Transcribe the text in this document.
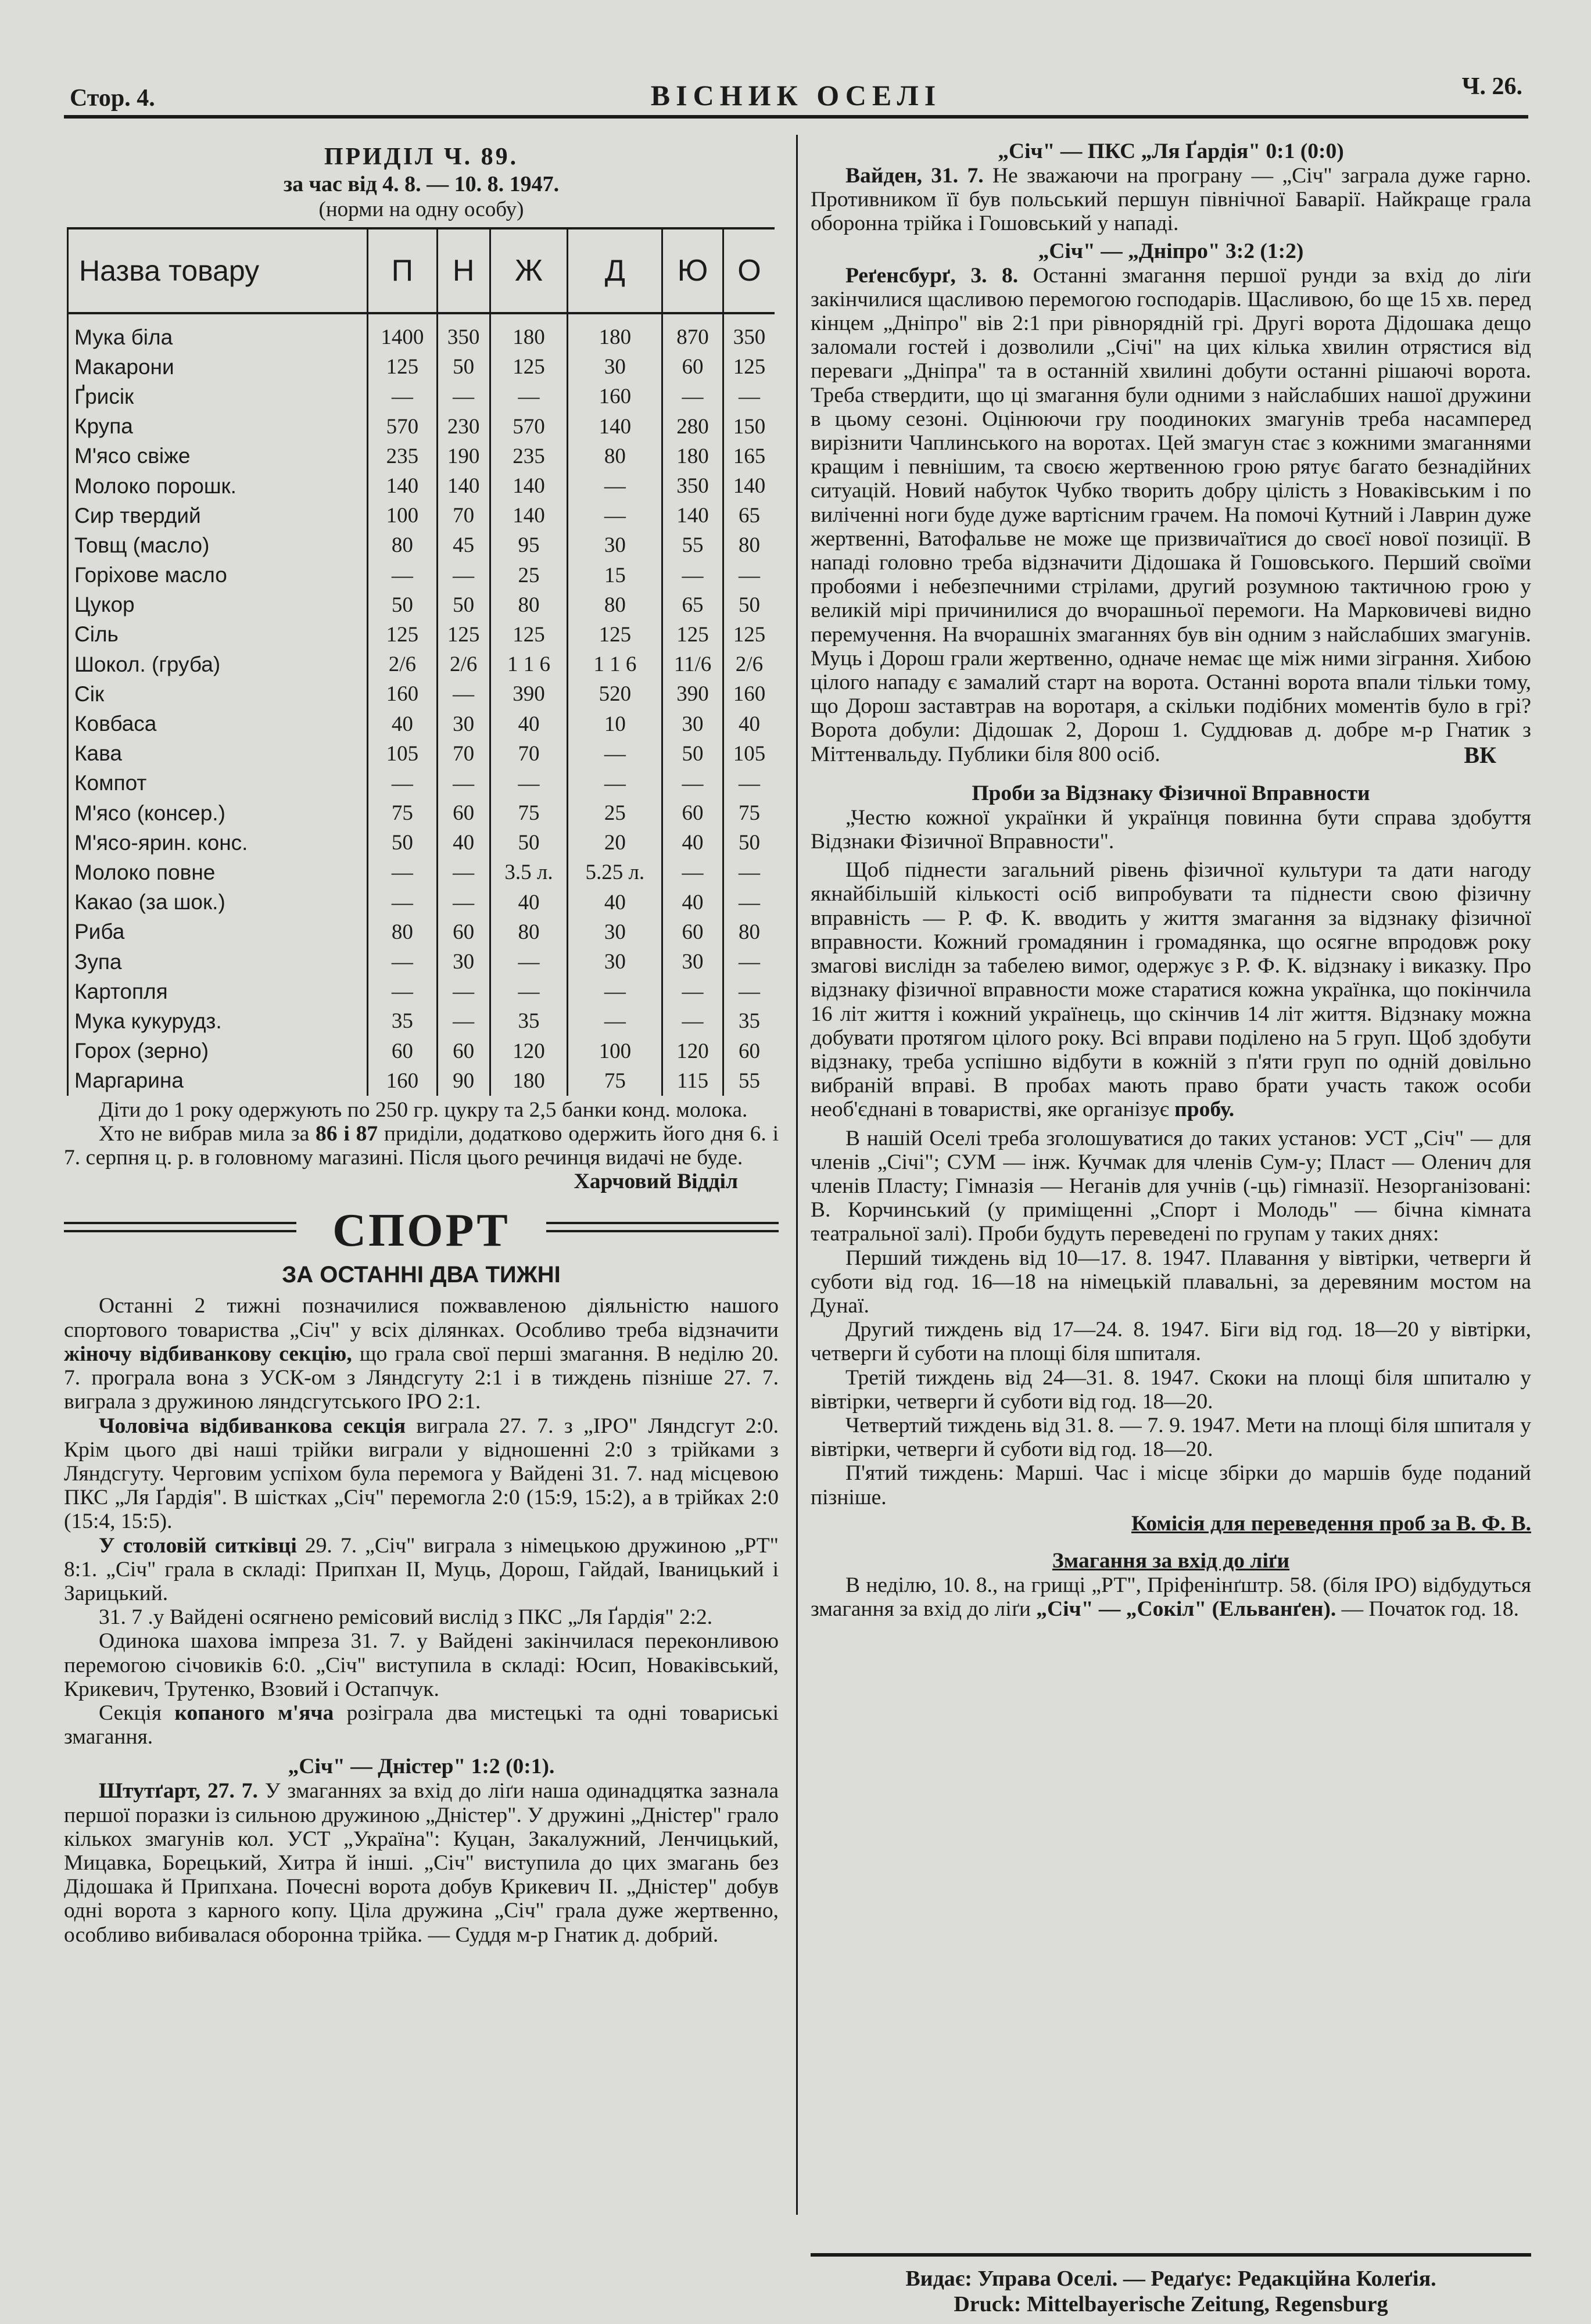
Стор. 4.	ВІСНИК ОСЕЛІ	Ч. 26.
ПРИДІЛ Ч. 89.
за час від 4. 8. — 10. 8. 1947.
(норми на одну особу)
Назва товару	П	Н	Ж	Д	Ю	О
Мука біла	1400	350	180	180	870	350
Макарони	125	50	125	30	60	125
Ґрисік	—	—	—	160	—	—
Крупа	570	230	570	140	280	150
М'ясо свіже	235	190	235	80	180	165
Молоко порошк.	140	140	140	—	350	140
Сир твердий	100	70	140	—	140	65
Товщ (масло)	80	45	95	30	55	80
Горіхове масло	—	—	25	15	—	—
Цукор	50	50	80	80	65	50
Сіль	125	125	125	125	125	125
Шокол. (груба)	2/6	2/6	1 1 6	1 1 6	11/6	2/6
Сік	160	—	390	520	390	160
Ковбаса	40	30	40	10	30	40
Кава	105	70	70	—	50	105
Компот	—	—	—	—	—	—
М'ясо (консер.)	75	60	75	25	60	75
М'ясо-ярин. конс.	50	40	50	20	40	50
Молоко повне	—	—	3.5 л.	5.25 л.	—	—
Какао (за шок.)	—	—	40	40	40	—
Риба	80	60	80	30	60	80
Зупа	—	30	—	30	30	—
Картопля	—	—	—	—	—	—
Мука кукурудз.	35	—	35	—	—	35
Горох (зерно)	60	60	120	100	120	60
Маргарина	160	90	180	75	115	55

Діти до 1 року одержують по 250 гр. цукру та 2,5 банки конд. молока.

Хто не вибрав мила за 86 і 87 приділи, додатково одержить його дня 6. і 7. серпня ц. р. в головному магазині. Після цього речинця видачі не буде.

Харчовий Відділ

СПОРТ
ЗА ОСТАННІ ДВА ТИЖНІ

Останні 2 тижні позначилися пожвавленою діяльністю нашого спортового товариства „Січ" у всіх ділянках. Особливо треба відзначити жіночу відбиванкову секцію, що грала свої перші змагання. В неділю 20. 7. програла вона з УСК-ом з Ляндсгуту 2:1 і в тиждень пізніше 27. 7. виграла з дружиною ляндсгутського ІРО 2:1.

Чоловіча відбиванкова секція виграла 27. 7. з „ІРО" Ляндсгут 2:0. Крім цього дві наші трійки виграли у відношенні 2:0 з трійками з Ляндсгуту. Черговим успіхом була перемога у Вайдені 31. 7. над місцевою ПКС „Ля Ґардія". В шістках „Січ" перемогла 2:0 (15:9, 15:2), а в трійках 2:0 (15:4, 15:5).

У столовій ситківці 29. 7. „Січ" виграла з німецькою дружиною „РТ" 8:1. „Січ" грала в складі: Припхан II, Муць, Дорош, Гайдай, Іваницький і Зарицький.

31. 7 .у Вайдені осягнено ремісовий вислід з ПКС „Ля Ґардія" 2:2.

Одинока шахова імпреза 31. 7. у Вайдені закінчилася переконливою перемогою січовиків 6:0. „Січ" виступила в складі: Юсип, Новаківський, Крикевич, Трутенко, Взовий і Остапчук.

Секція копаного м'яча розіграла два мистецькі та одні товариські змагання.

„Січ" — Дністер" 1:2 (0:1).

Штутґарт, 27. 7. У змаганнях за вхід до ліґи наша одинадцятка зазнала першої поразки із сильною дружиною „Дністер". У дружині „Дністер" грало кількох змагунів кол. УСТ „Україна": Куцан, Закалужний, Ленчицький, Мицавка, Борецький, Хитра й інші. „Січ" виступила до цих змагань без Дідошака й Припхана. Почесні ворота добув Крикевич II. „Дністер" добув одні ворота з карного копу. Ціла дружина „Січ" грала дуже жертвенно, особливо вибивалася оборонна трійка. — Суддя м-р Гнатик д. добрий.

„Січ" — ПКС „Ля Ґардія" 0:1 (0:0)

Вайден, 31. 7. Не зважаючи на програну — „Січ" заграла дуже гарно. Противником її був польський першун північної Баварії. Найкраще грала оборонна трійка і Гошовський у нападі.

„Січ" — „Дніпро" 3:2 (1:2)

Реґенсбурґ, 3. 8. Останні змагання першої рунди за вхід до ліґи закінчилися щасливою перемогою господарів. Щасливою, бо ще 15 хв. перед кінцем „Дніпро" вів 2:1 при рівнорядній грі. Другі ворота Дідошака дещо заломали гостей і дозволили „Січі" на цих кілька хвилин отрястися від переваги „Дніпра" та в останній хвилині добути останні рішаючі ворота. Треба ствердити, що ці змагання були одними з найслабших нашої дружини в цьому сезоні. Оцінюючи гру поодиноких змагунів треба насамперед вирізнити Чаплинського на воротах. Цей змагун стає з кожними змаганнями кращим і певнішим, та своєю жертвенною грою рятує багато безнадійних ситуацій. Новий набуток Чубко творить добру цілість з Новаківським і по виліченні ноги буде дуже вартісним грачем. На помочі Кутний і Лаврин дуже жертвенні, Ватофальве не може ще призвичаїтися до своєї нової позиції. В нападі головно треба відзначити Дідошака й Гошовського. Перший своїми пробоями і небезпечними стрілами, другий розумною тактичною грою у великій мірі причинилися до вчорашньої перемоги. На Марковичеві видно перемучення. На вчорашніх змаганнях був він одним з найслабших змагунів. Муць і Дорош грали жертвенно, одначе немає ще між ними зіграння. Хибою цілого нападу є замалий старт на ворота. Останні ворота впали тільки тому, що Дорош заставтрав на воротаря, а скільки подібних моментів було в грі? Ворота добули: Дідошак 2, Дорош 1. Суддював д. добре м-р Гнатик з Міттенвальду. Публики біля 800 осіб.	ВК

Проби за Відзнаку Фізичної Вправности

„Честю кожної українки й українця повинна бути справа здобуття Відзнаки Фізичної Вправности".

Щоб піднести загальний рівень фізичної культури та дати нагоду якнайбільшій кількості осіб випробувати та піднести свою фізичну вправність — Р. Ф. К. вводить у життя змагання за відзнаку фізичної вправности. Кожний громадянин і громадянка, що осягне впродовж року змагові вислідн за табелею вимог, одержує з Р. Ф. К. відзнаку і виказку. Про відзнаку фізичної вправности може старатися кожна українка, що покінчила 16 літ життя і кожний українець, що скінчив 14 літ життя. Відзнаку можна добувати протягом цілого року. Всі вправи поділено на 5 груп. Щоб здобути відзнаку, треба успішно відбути в кожній з п'яти груп по одній довільно вибраній вправі. В пробах мають право брати участь також особи необ'єднані в товаристві, яке організує пробу.

В нашій Оселі треба зголошуватися до таких установ: УСТ „Січ" — для членів „Січі"; СУМ — інж. Кучмак для членів Сум-у; Пласт — Оленич для членів Пласту; Гімназія — Неганів для учнів (-ць) гімназії. Незорганізовані: В. Корчинський (у приміщенні „Спорт і Молодь" — бічна кімната театральної залі). Проби будуть переведені по групам у таких днях:

Перший тиждень від 10—17. 8. 1947. Плавання у вівтірки, четверги й суботи від год. 16—18 на німецькій плавальні, за деревяним мостом на Дунаї.

Другий тиждень від 17—24. 8. 1947. Біги від год. 18—20 у вівтірки, четверги й суботи на площі біля шпиталя.

Третій тиждень від 24—31. 8. 1947. Скоки на площі біля шпиталю у вівтірки, четверги й суботи від год. 18—20.

Четвертий тиждень від 31. 8. — 7. 9. 1947. Мети на площі біля шпиталя у вівтірки, четверги й суботи від год. 18—20.

П'ятий тиждень: Марші. Час і місце збірки до маршів буде поданий пізніше.

Комісія для переведення проб за В. Ф. В.

Змагання за вхід до ліґи

В неділю, 10. 8., на грищі „РТ", Пріфенінґштр. 58. (біля ІРО) відбудуться змагання за вхід до ліґи „Січ" — „Сокіл" (Ельванґен). — Початок год. 18.

Видає: Управа Оселі. — Редаґує: Редакційна Колеґія.
Druck: Mittelbayerische Zeitung, Regensburg
